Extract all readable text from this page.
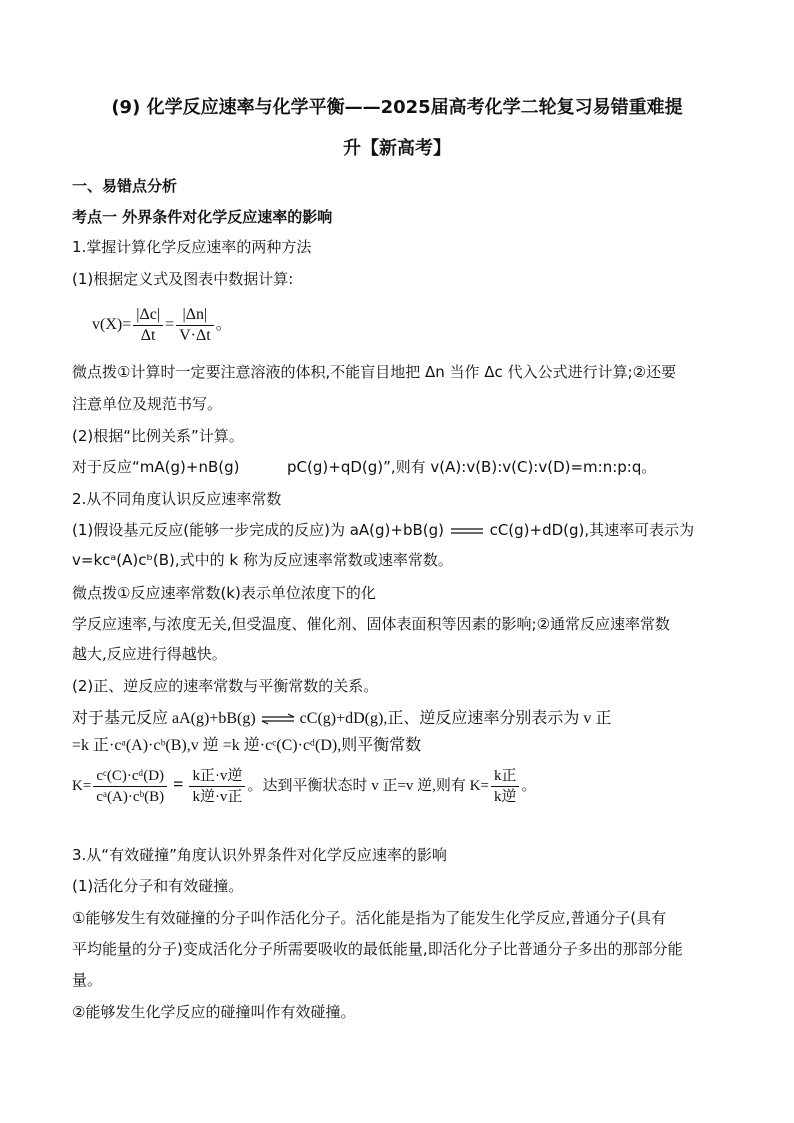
(9) 化学反应速率与化学平衡——2025届高考化学二轮复习易错重难提
升【新高考】
一、易错点分析
考点一 外界条件对化学反应速率的影响
1.掌握计算化学反应速率的两种方法
(1)根据定义式及图表中数据计算:
$v(X)= \frac{|\Delta c|}{\Delta t} = \frac{|\Delta n|}{V\cdot\Delta t}$ 。
微点拨①计算时一定要注意溶液的体积,不能盲目地把 Δn 当作 Δc 代入公式进行计算;②还要
注意单位及规范书写。
(2)根据“比例关系”计算。
对于反应“mA(g)+nB(g)	pC(g)+qD(g)”,则有 v(A):v(B):v(C):v(D)=m:n:p:q。
2.从不同角度认识反应速率常数
(1)假设基元反应(能够一步完成的反应)为 aA(g)+bB(g)	cC(g)+dD(g),其速率可表示为
v=kcᵃ(A)cᵇ(B),式中的 k 称为反应速率常数或速率常数。
微点拨①反应速率常数(k)表示单位浓度下的化
学反应速率,与浓度无关,但受温度、催化剂、固体表面积等因素的影响;②通常反应速率常数
越大,反应进行得越快。
(2)正、逆反应的速率常数与平衡常数的关系。
对于基元反应 aA(g)+bB(g) ⇌ cC(g)+dD(g),正、逆反应速率分别表示为 v 正
=k 正·cᵃ(A)·cᵇ(B),v 逆 =k 逆·cᶜ(C)·cᵈ(D),则平衡常数
$K= \frac{\text{cᶜ(C)·cᵈ(D)}}{\text{cᵃ(A)·cᵇ(B)}} = \frac{\text{k正·v逆}}{\text{k逆·v正}}$ 。达到平衡状态时 v 正=v 逆,则有 $K= \frac{\text{k正}}{\text{k逆}}$ 。
3.从“有效碰撞”角度认识外界条件对化学反应速率的影响
(1)活化分子和有效碰撞。
①能够发生有效碰撞的分子叫作活化分子。活化能是指为了能发生化学反应,普通分子(具有
平均能量的分子)变成活化分子所需要吸收的最低能量,即活化分子比普通分子多出的那部分能
量。
②能够发生化学反应的碰撞叫作有效碰撞。
